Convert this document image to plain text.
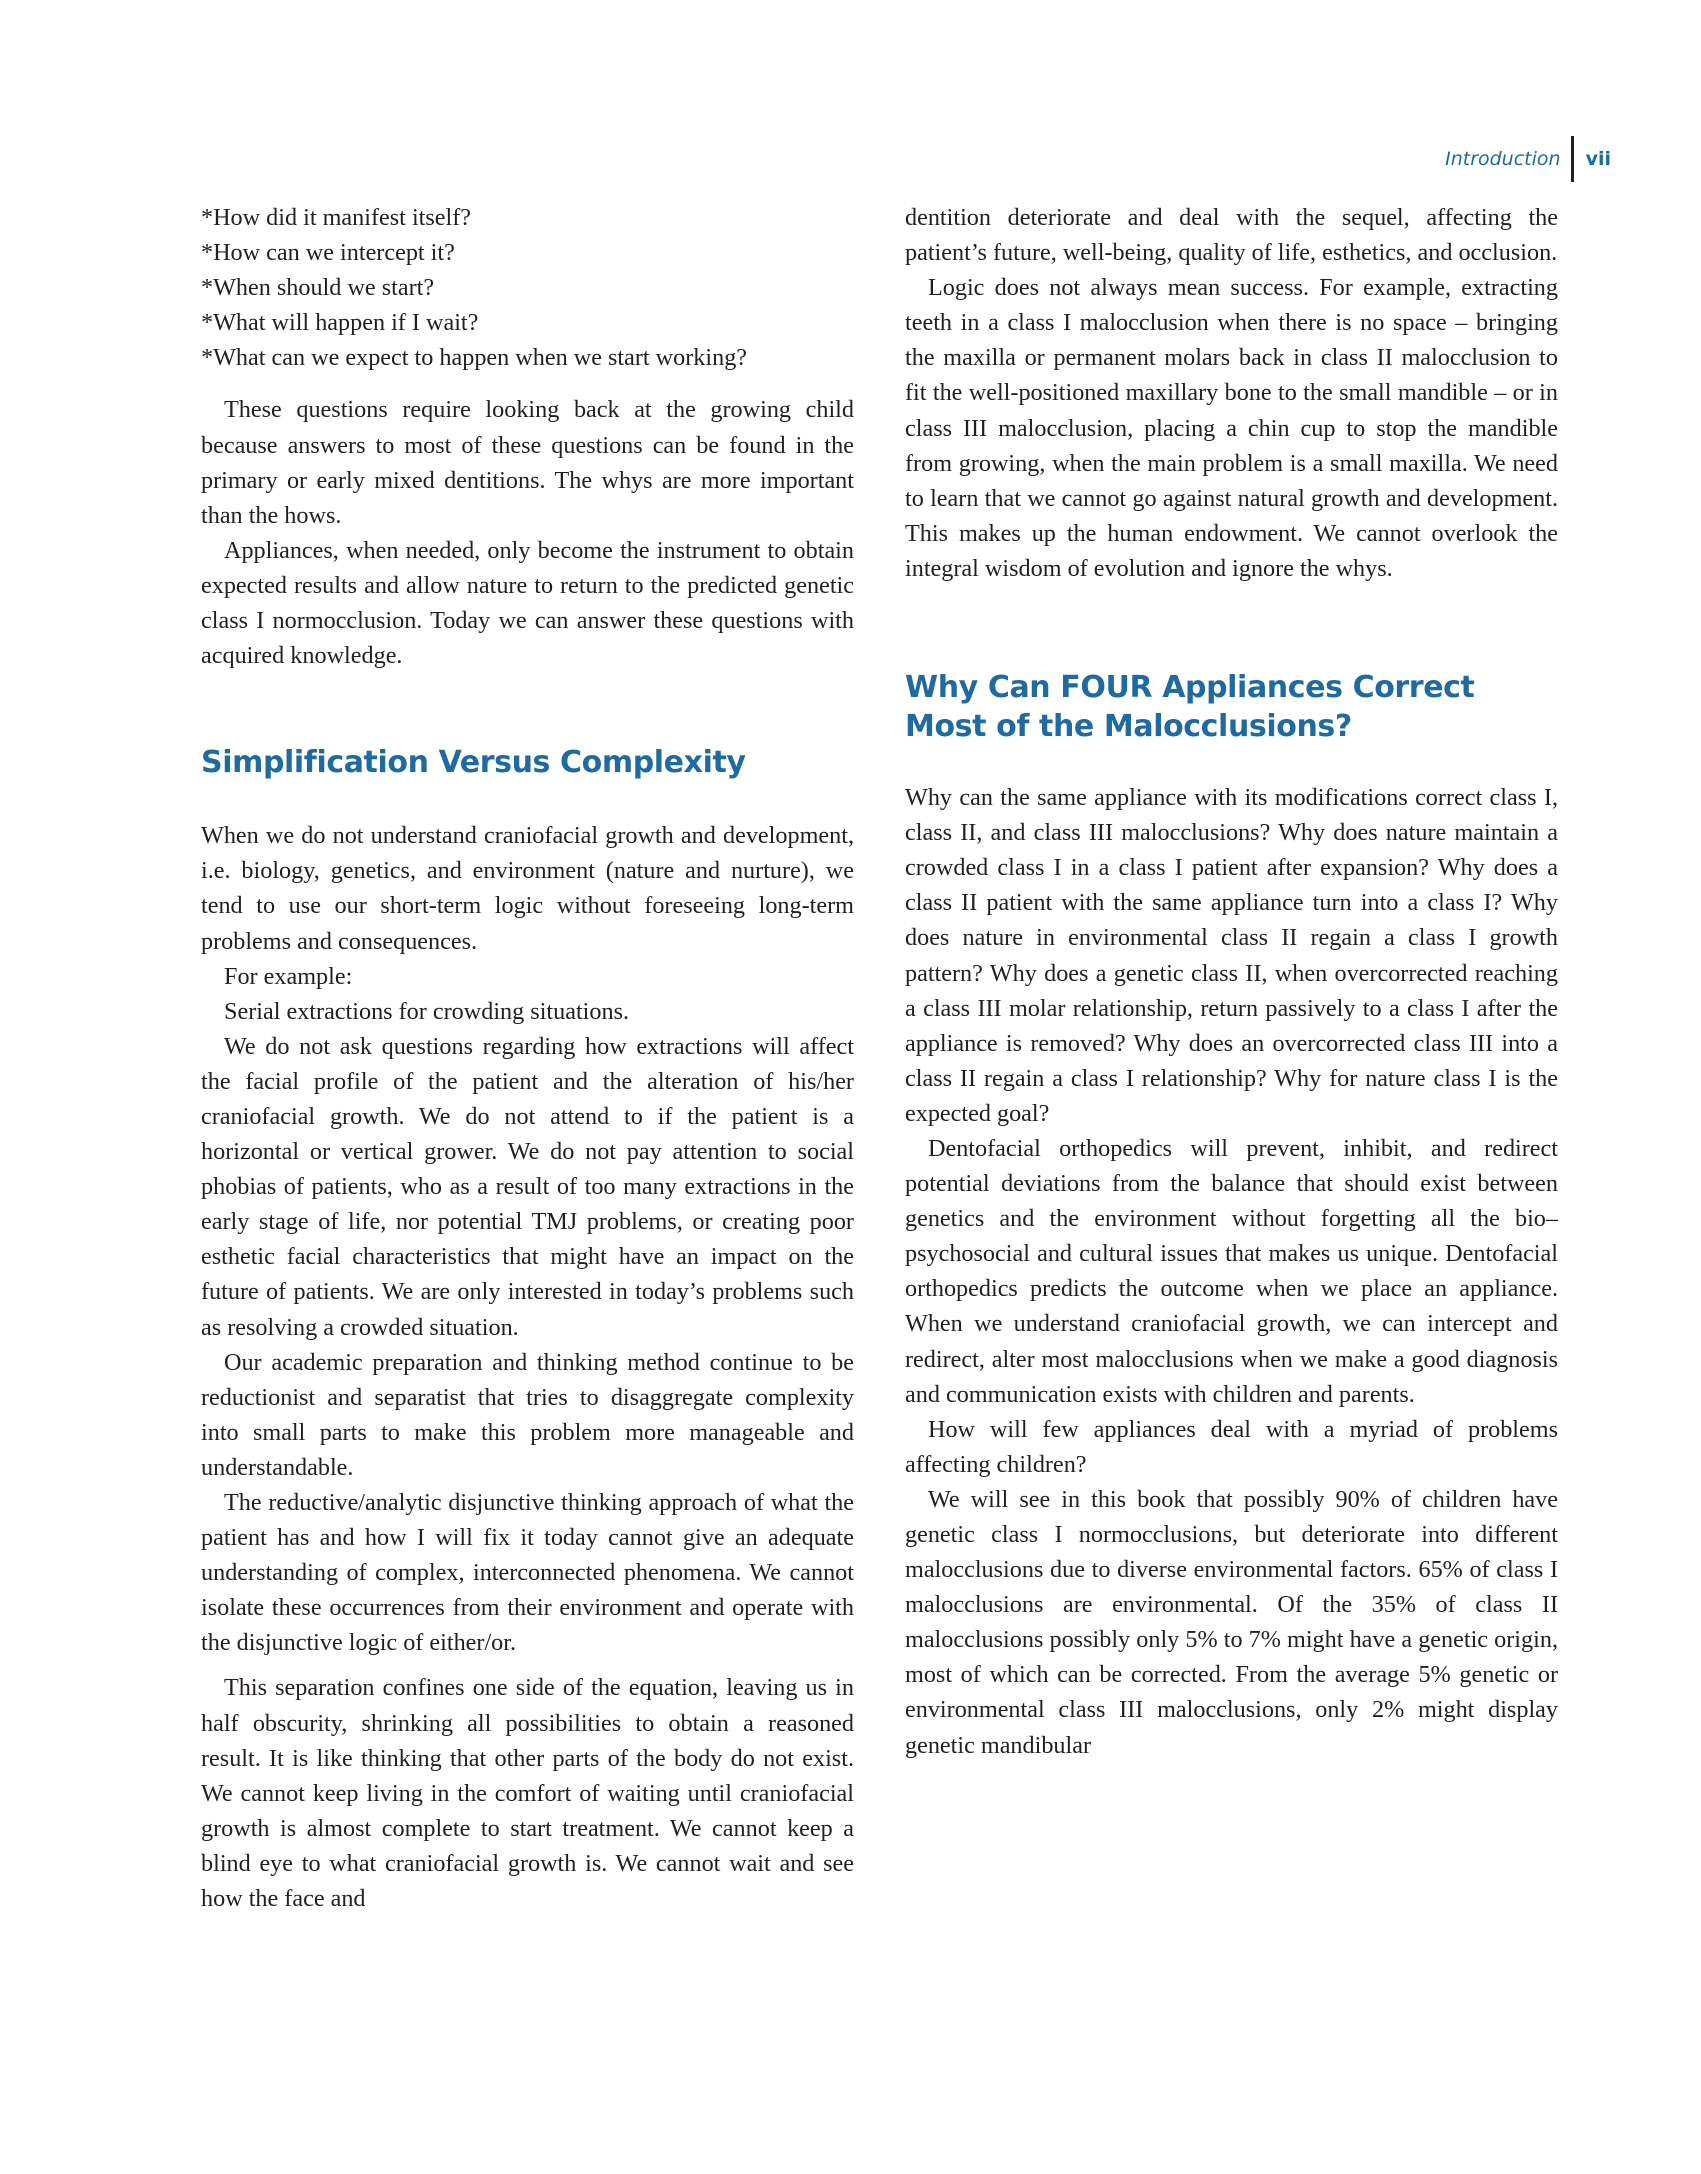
Introduction vii
*How did it manifest itself?
*How can we intercept it?
*When should we start?
*What will happen if I wait?
*What can we expect to happen when we start working?

These questions require looking back at the growing child because answers to most of these questions can be found in the primary or early mixed dentitions. The whys are more important than the hows.

Appliances, when needed, only become the instrument to obtain expected results and allow nature to return to the predicted genetic class I normocclusion. Today we can answer these questions with acquired knowledge.

Simplification Versus Complexity

When we do not understand craniofacial growth and development, i.e. biology, genetics, and environment (nature and nurture), we tend to use our short-term logic without foreseeing long-term problems and consequences.

For example:

Serial extractions for crowding situations.

We do not ask questions regarding how extractions will affect the facial profile of the patient and the alteration of his/her craniofacial growth. We do not attend to if the patient is a horizontal or vertical grower. We do not pay attention to social phobias of patients, who as a result of too many extractions in the early stage of life, nor potential TMJ problems, or creating poor esthetic facial characteristics that might have an impact on the future of patients. We are only interested in today’s problems such as resolving a crowded situation.

Our academic preparation and thinking method continue to be reductionist and separatist that tries to disaggregate complexity into small parts to make this problem more manageable and understandable.

The reductive/analytic disjunctive thinking approach of what the patient has and how I will fix it today cannot give an adequate understanding of complex, interconnected phenomena. We cannot isolate these occurrences from their environment and operate with the disjunctive logic of either/or.

This separation confines one side of the equation, leaving us in half obscurity, shrinking all possibilities to obtain a reasoned result. It is like thinking that other parts of the body do not exist. We cannot keep living in the comfort of waiting until craniofacial growth is almost complete to start treatment. We cannot keep a blind eye to what craniofacial growth is. We cannot wait and see how the face and

dentition deteriorate and deal with the sequel, affecting the patient’s future, well-being, quality of life, esthetics, and occlusion.

Logic does not always mean success. For example, extracting teeth in a class I malocclusion when there is no space – bringing the maxilla or permanent molars back in class II malocclusion to fit the well-positioned maxillary bone to the small mandible – or in class III malocclusion, placing a chin cup to stop the mandible from growing, when the main problem is a small maxilla. We need to learn that we cannot go against natural growth and development. This makes up the human endowment. We cannot overlook the integral wisdom of evolution and ignore the whys.

Why Can FOUR Appliances Correct
Most of the Malocclusions?

Why can the same appliance with its modifications correct class I, class II, and class III malocclusions? Why does nature maintain a crowded class I in a class I patient after expansion? Why does a class II patient with the same appliance turn into a class I? Why does nature in environmental class II regain a class I growth pattern? Why does a genetic class II, when overcorrected reaching a class III molar relationship, return passively to a class I after the appliance is removed? Why does an overcorrected class III into a class II regain a class I relationship? Why for nature class I is the expected goal?

Dentofacial orthopedics will prevent, inhibit, and redirect potential deviations from the balance that should exist between genetics and the environment without forgetting all the bio–psychosocial and cultural issues that makes us unique. Dentofacial orthopedics predicts the outcome when we place an appliance. When we understand craniofacial growth, we can intercept and redirect, alter most malocclusions when we make a good diagnosis and communication exists with children and parents.

How will few appliances deal with a myriad of problems affecting children?

We will see in this book that possibly 90% of children have genetic class I normocclusions, but deteriorate into different malocclusions due to diverse environmental factors. 65% of class I malocclusions are environmental. Of the 35% of class II malocclusions possibly only 5% to 7% might have a genetic origin, most of which can be corrected. From the average 5% genetic or environmental class III malocclusions, only 2% might display genetic mandibular
